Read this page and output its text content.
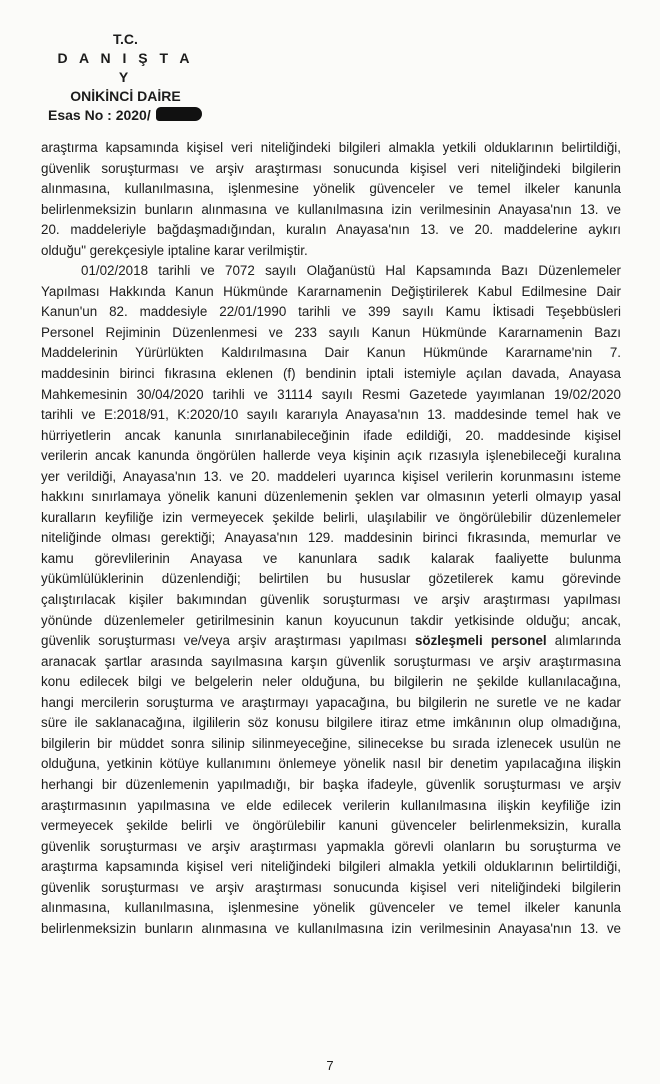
T.C.
D A N I Ş T A Y
ONİKİNCİ DAİRE
Esas No : 2020/
araştırma kapsamında kişisel veri niteliğindeki bilgileri almakla yetkili olduklarının belirtildiği,
güvenlik soruşturması ve arşiv araştırması sonucunda kişisel veri niteliğindeki bilgilerin
alınmasına, kullanılmasına, işlenmesine yönelik güvenceler ve temel ilkeler kanunla
belirlenmeksizin bunların alınmasına ve kullanılmasına izin verilmesinin Anayasa'nın 13. ve
20. maddeleriyle bağdaşmadığından, kuralın Anayasa'nın 13. ve 20. maddelerine aykırı
olduğu" gerekçesiyle iptaline karar verilmiştir.
01/02/2018 tarihli ve 7072 sayılı Olağanüstü Hal Kapsamında Bazı Düzenlemeler
Yapılması Hakkında Kanun Hükmünde Kararnamenin Değiştirilerek Kabul Edilmesine Dair
Kanun'un 82. maddesiyle 22/01/1990 tarihli ve 399 sayılı Kamu İktisadi Teşebbüsleri
Personel Rejiminin Düzenlenmesi ve 233 sayılı Kanun Hükmünde Kararnamenin Bazı
Maddelerinin Yürürlükten Kaldırılmasına Dair Kanun Hükmünde Kararname'nin 7.
maddesinin birinci fıkrasına eklenen (f) bendinin iptali istemiyle açılan davada, Anayasa
Mahkemesinin 30/04/2020 tarihli ve 31114 sayılı Resmi Gazetede yayımlanan 19/02/2020
tarihli ve E:2018/91, K:2020/10 sayılı kararıyla Anayasa'nın 13. maddesinde temel hak ve
hürriyetlerin ancak kanunla sınırlanabileceğinin ifade edildiği, 20. maddesinde kişisel
verilerin ancak kanunda öngörülen hallerde veya kişinin açık rızasıyla işlenebileceği kuralına
yer verildiği, Anayasa'nın 13. ve 20. maddeleri uyarınca kişisel verilerin korunmasını isteme
hakkını sınırlamaya yönelik kanuni düzenlemenin şeklen var olmasının yeterli olmayıp yasal
kuralların keyfiliğe izin vermeyecek şekilde belirli, ulaşılabilir ve öngörülebilir düzenlemeler
niteliğinde olması gerektiği; Anayasa'nın 129. maddesinin birinci fıkrasında, memurlar ve
kamu görevlilerinin Anayasa ve kanunlara sadık kalarak faaliyette bulunma
yükümlülüklerinin düzenlendiği; belirtilen bu hususlar gözetilerek kamu görevinde
çalıştırılacak kişiler bakımından güvenlik soruşturması ve arşiv araştırması yapılması
yönünde düzenlemeler getirilmesinin kanun koyucunun takdir yetkisinde olduğu; ancak,
güvenlik soruşturması ve/veya arşiv araştırması yapılması sözleşmeli personel alımlarında
aranacak şartlar arasında sayılmasına karşın güvenlik soruşturması ve arşiv araştırmasına
konu edilecek bilgi ve belgelerin neler olduğuna, bu bilgilerin ne şekilde kullanılacağına,
hangi mercilerin soruşturma ve araştırmayı yapacağına, bu bilgilerin ne suretle ve ne kadar
süre ile saklanacağına, ilgililerin söz konusu bilgilere itiraz etme imkânının olup olmadığına,
bilgilerin bir müddet sonra silinip silinmeyeceğine, silinecekse bu sırada izlenecek usulün ne
olduğuna, yetkinin kötüye kullanımını önlemeye yönelik nasıl bir denetim yapılacağına ilişkin
herhangi bir düzenlemenin yapılmadığı, bir başka ifadeyle, güvenlik soruşturması ve arşiv
araştırmasının yapılmasına ve elde edilecek verilerin kullanılmasına ilişkin keyfiliğe izin
vermeyecek şekilde belirli ve öngörülebilir kanuni güvenceler belirlenmeksizin, kuralla
güvenlik soruşturması ve arşiv araştırması yapmakla görevli olanların bu soruşturma ve
araştırma kapsamında kişisel veri niteliğindeki bilgileri almakla yetkili olduklarının belirtildiği,
güvenlik soruşturması ve arşiv araştırması sonucunda kişisel veri niteliğindeki bilgilerin
alınmasına, kullanılmasına, işlenmesine yönelik güvenceler ve temel ilkeler kanunla
belirlenmeksizin bunların alınmasına ve kullanılmasına izin verilmesinin Anayasa'nın 13. ve
7
